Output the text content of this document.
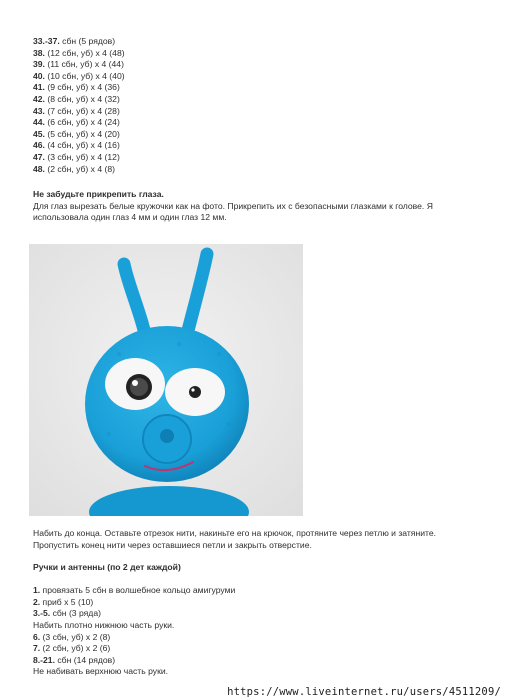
33.-37. сбн (5 рядов)
38. (12 сбн, уб) х 4 (48)
39. (11 сбн, уб) х 4 (44)
40. (10 сбн, уб) х 4 (40)
41. (9 сбн, уб) х 4 (36)
42. (8 сбн, уб) х 4 (32)
43. (7 сбн, уб) х 4 (28)
44. (6 сбн, уб) х 4 (24)
45. (5 сбн, уб) х 4 (20)
46. (4 сбн, уб) х 4 (16)
47. (3 сбн, уб) х 4 (12)
48. (2 сбн, уб) х 4 (8)
Не забудьте прикрепить глаза.
Для глаз вырезать белые кружочки как на фото. Прикрепить их с безопасными глазками к голове. Я
использовала один глаз 4 мм и один глаз 12 мм.
Набить до конца. Оставьте отрезок нити, накиньте его на крючок, протяните через петлю и затяните.
Пропустить конец нити через оставшиеся петли и закрыть отверстие.
Ручки и антенны (по 2 дет каждой)
1. провязать 5 сбн в волшебное кольцо амигуруми
2. приб х 5 (10)
3.-5. сбн (3 ряда)
Набить плотно нижнюю часть руки.
6. (3 сбн, уб) х 2 (8)
7. (2 сбн, уб) х 2 (6)
8.-21. сбн (14 рядов)
Не набивать верхнюю часть руки.
https://www.liveinternet.ru/users/4511209/
